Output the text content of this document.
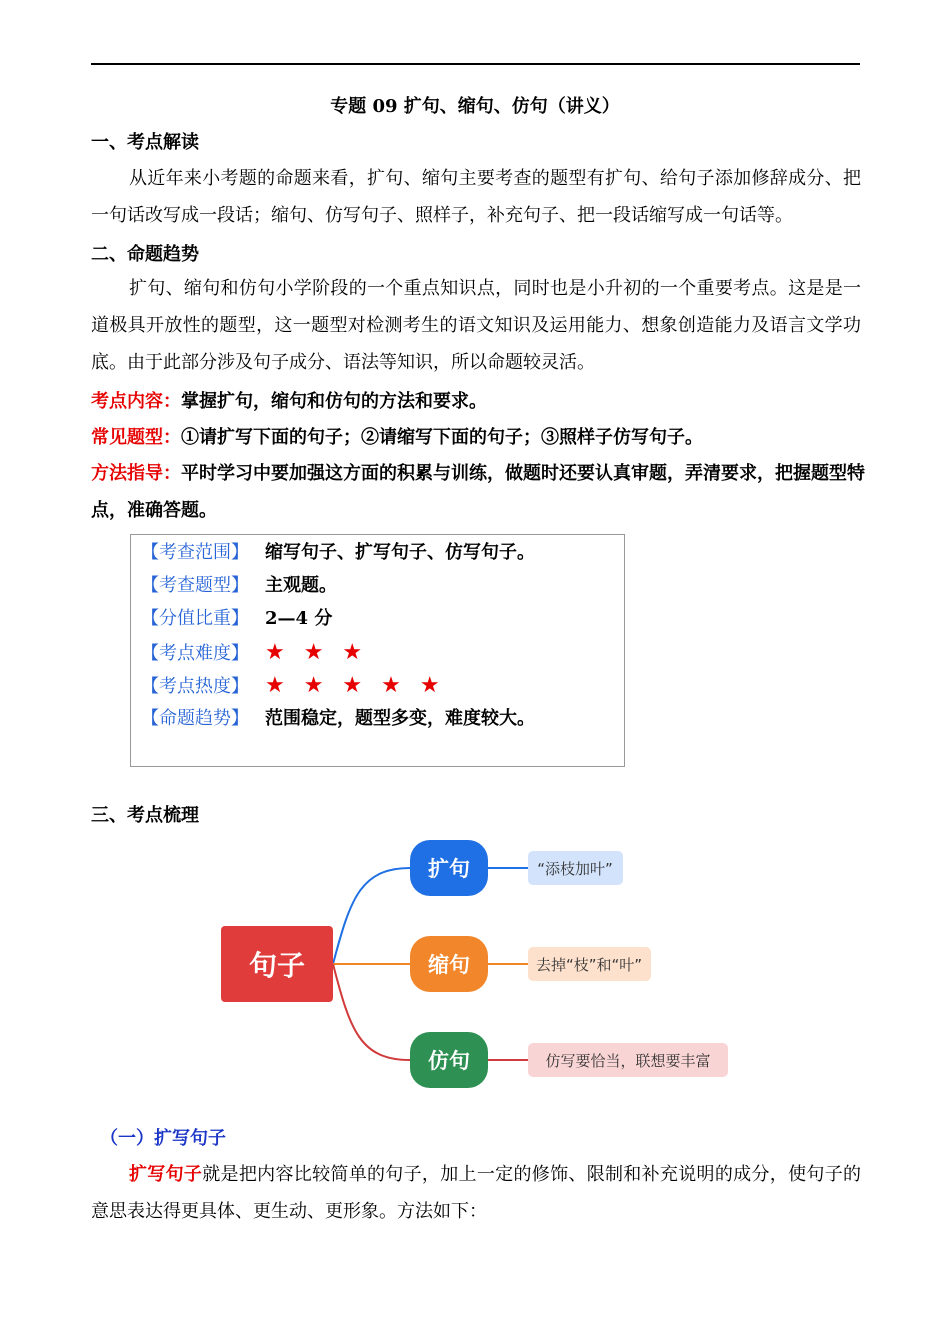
专题 09 扩句、缩句、仿句（讲义）
一、考点解读
从近年来小考题的命题来看，扩句、缩句主要考查的题型有扩句、给句子添加修辞成分、把一句话改写成一段话；缩句、仿写句子、照样子，补充句子、把一段话缩写成一句话等。
二、命题趋势
扩句、缩句和仿句小学阶段的一个重点知识点，同时也是小升初的一个重要考点。这是是一道极具开放性的题型，这一题型对检测考生的语文知识及运用能力、想象创造能力及语言文学功底。由于此部分涉及句子成分、语法等知识，所以命题较灵活。
考点内容：掌握扩句，缩句和仿句的方法和要求。
常见题型：①请扩写下面的句子；②请缩写下面的句子；③照样子仿写句子。
方法指导：平时学习中要加强这方面的积累与训练，做题时还要认真审题，弄清要求，把握题型特点，准确答题。
【考查范围】 缩写句子、扩写句子、仿写句子。
【考查题型】 主观题。
【分值比重】 2—4 分
【考点难度】 ★ ★ ★
【考点热度】 ★ ★ ★ ★ ★
【命题趋势】 范围稳定，题型多变，难度较大。
三、考点梳理
句子
扩句
缩句
仿句
“添枝加叶”
去掉“枝”和“叶”
仿写要恰当，联想要丰富
（一）扩写句子
扩写句子就是把内容比较简单的句子，加上一定的修饰、限制和补充说明的成分，使句子的意思表达得更具体、更生动、更形象。方法如下：
